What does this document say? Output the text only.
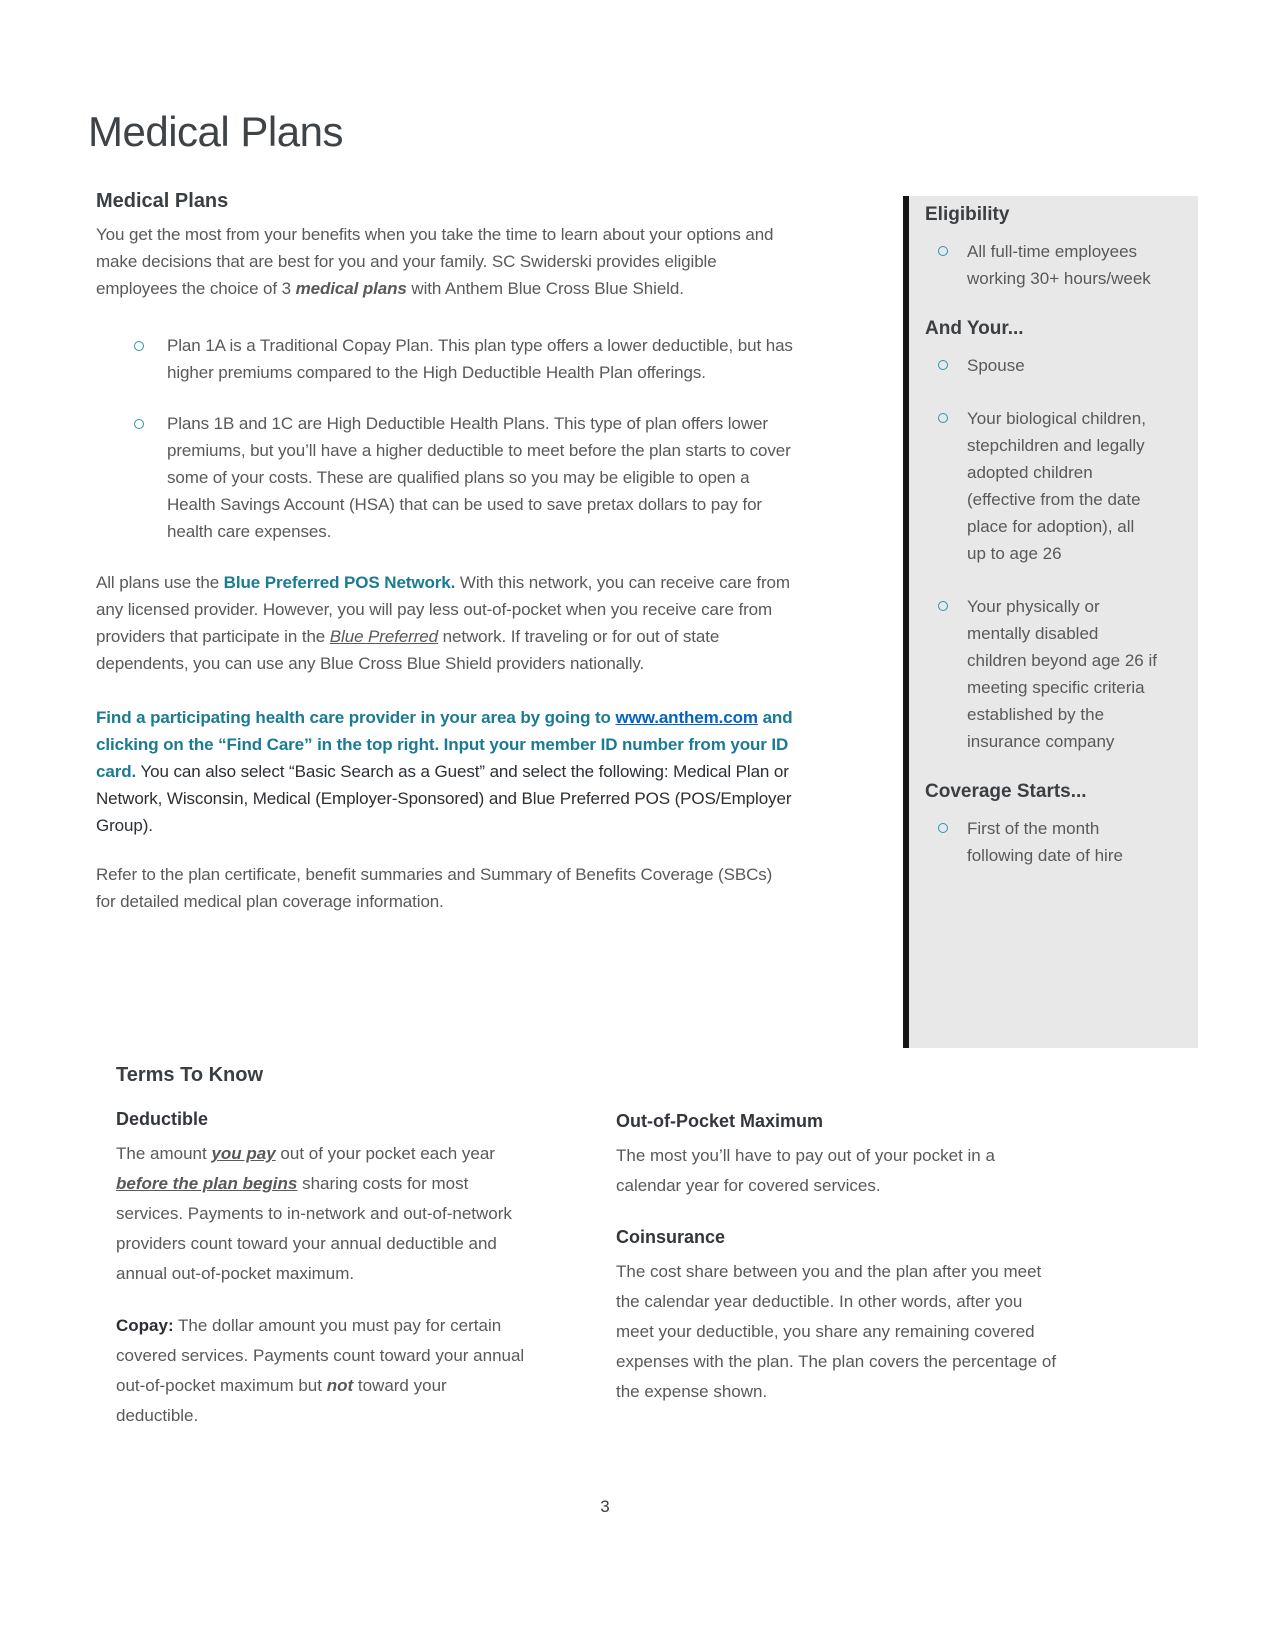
Medical Plans
Medical Plans

You get the most from your benefits when you take the time to learn about your options and make decisions that are best for you and your family. SC Swiderski provides eligible employees the choice of 3 medical plans with Anthem Blue Cross Blue Shield.

Plan 1A is a Traditional Copay Plan. This plan type offers a lower deductible, but has higher premiums compared to the High Deductible Health Plan offerings.
Plans 1B and 1C are High Deductible Health Plans. This type of plan offers lower premiums, but you’ll have a higher deductible to meet before the plan starts to cover some of your costs. These are qualified plans so you may be eligible to open a Health Savings Account (HSA) that can be used to save pretax dollars to pay for health care expenses.

All plans use the Blue Preferred POS Network. With this network, you can receive care from any licensed provider. However, you will pay less out-of-pocket when you receive care from providers that participate in the Blue Preferred network. If traveling or for out of state dependents, you can use any Blue Cross Blue Shield providers nationally.

Find a participating health care provider in your area by going to www.anthem.com and clicking on the “Find Care” in the top right. Input your member ID number from your ID card. You can also select “Basic Search as a Guest” and select the following: Medical Plan or Network, Wisconsin, Medical (Employer-Sponsored) and Blue Preferred POS (POS/Employer Group).

Refer to the plan certificate, benefit summaries and Summary of Benefits Coverage (SBCs) for detailed medical plan coverage information.

Eligibility
All full-time employees working 30+ hours/week
And Your...
Spouse
Your biological children, stepchildren and legally adopted children (effective from the date place for adoption), all up to age 26
Your physically or mentally disabled children beyond age 26 if meeting specific criteria established by the insurance company
Coverage Starts...
First of the month following date of hire
Terms To Know
Deductible

The amount you pay out of your pocket each year before the plan begins sharing costs for most services. Payments to in-network and out-of-network providers count toward your annual deductible and annual out-of-pocket maximum.

Copay: The dollar amount you must pay for certain covered services. Payments count toward your annual out-of-pocket maximum but not toward your deductible.

Out-of-Pocket Maximum

The most you’ll have to pay out of your pocket in a calendar year for covered services.

Coinsurance

The cost share between you and the plan after you meet the calendar year deductible. In other words, after you meet your deductible, you share any remaining covered expenses with the plan. The plan covers the percentage of the expense shown.

3
